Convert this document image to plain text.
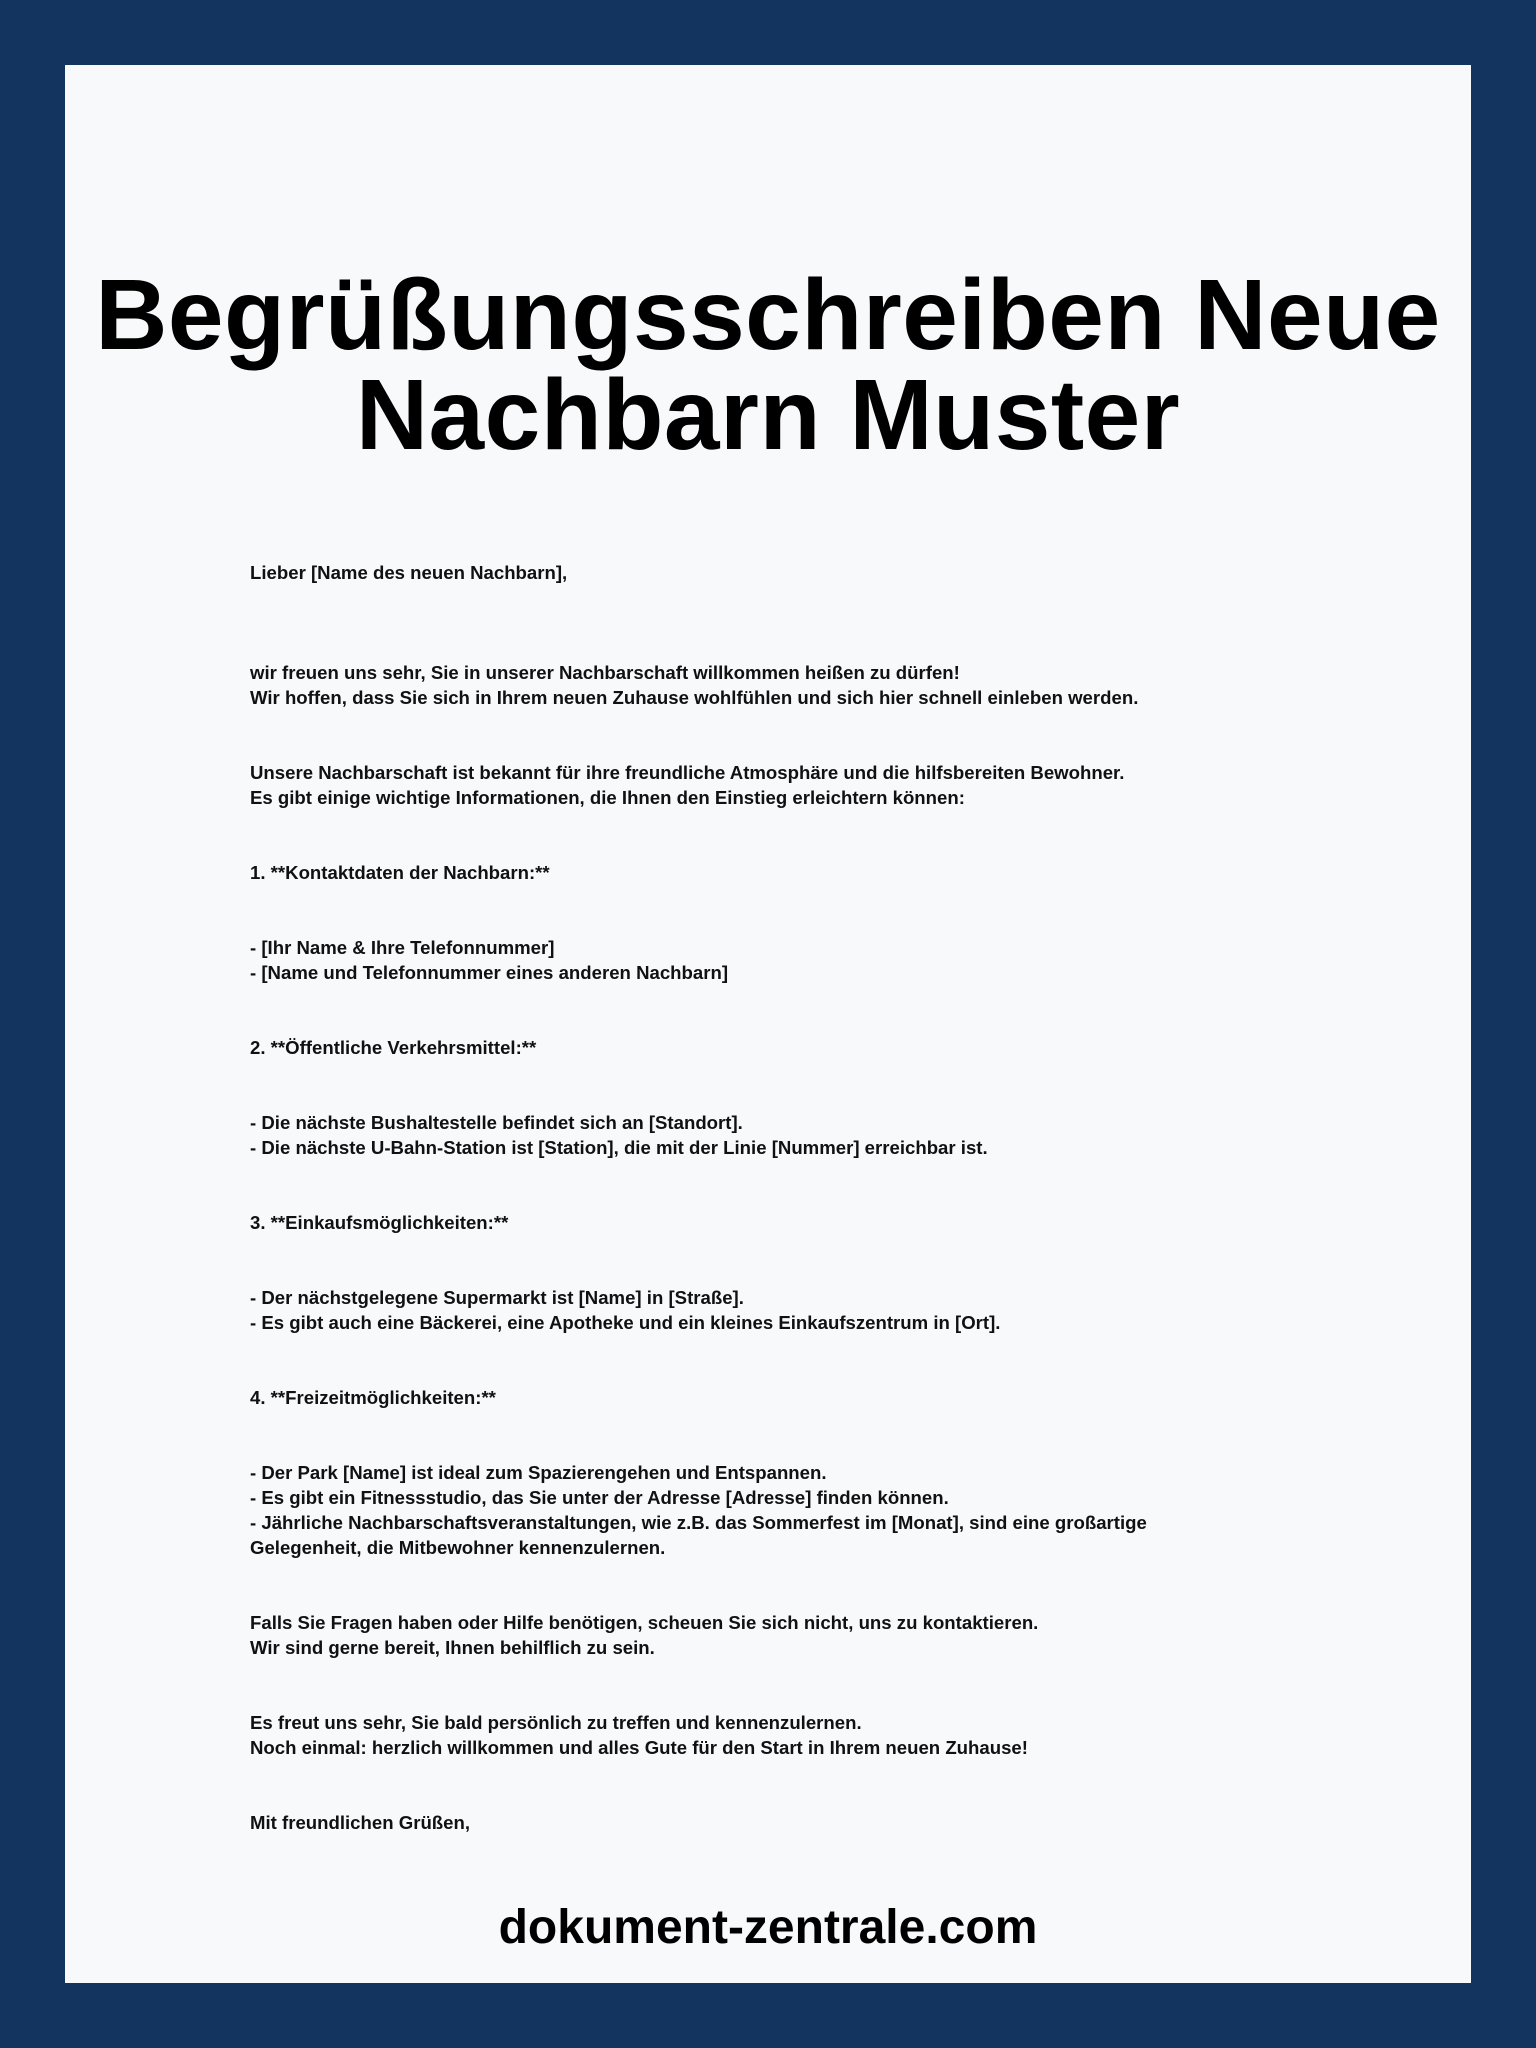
Begrüßungsschreiben Neue
Nachbarn Muster

Lieber [Name des neuen Nachbarn],

wir freuen uns sehr, Sie in unserer Nachbarschaft willkommen heißen zu dürfen!
Wir hoffen, dass Sie sich in Ihrem neuen Zuhause wohlfühlen und sich hier schnell einleben werden.

Unsere Nachbarschaft ist bekannt für ihre freundliche Atmosphäre und die hilfsbereiten Bewohner.
Es gibt einige wichtige Informationen, die Ihnen den Einstieg erleichtern können:

1. **Kontaktdaten der Nachbarn:**

- [Ihr Name & Ihre Telefonnummer]
- [Name und Telefonnummer eines anderen Nachbarn]

2. **Öffentliche Verkehrsmittel:**

- Die nächste Bushaltestelle befindet sich an [Standort].
- Die nächste U-Bahn-Station ist [Station], die mit der Linie [Nummer] erreichbar ist.

3. **Einkaufsmöglichkeiten:**

- Der nächstgelegene Supermarkt ist [Name] in [Straße].
- Es gibt auch eine Bäckerei, eine Apotheke und ein kleines Einkaufszentrum in [Ort].

4. **Freizeitmöglichkeiten:**

- Der Park [Name] ist ideal zum Spazierengehen und Entspannen.
- Es gibt ein Fitnessstudio, das Sie unter der Adresse [Adresse] finden können.
- Jährliche Nachbarschaftsveranstaltungen, wie z.B. das Sommerfest im [Monat], sind eine großartige
Gelegenheit, die Mitbewohner kennenzulernen.

Falls Sie Fragen haben oder Hilfe benötigen, scheuen Sie sich nicht, uns zu kontaktieren.
Wir sind gerne bereit, Ihnen behilflich zu sein.

Es freut uns sehr, Sie bald persönlich zu treffen und kennenzulernen.
Noch einmal: herzlich willkommen und alles Gute für den Start in Ihrem neuen Zuhause!

Mit freundlichen Grüßen,

dokument-zentrale.com
